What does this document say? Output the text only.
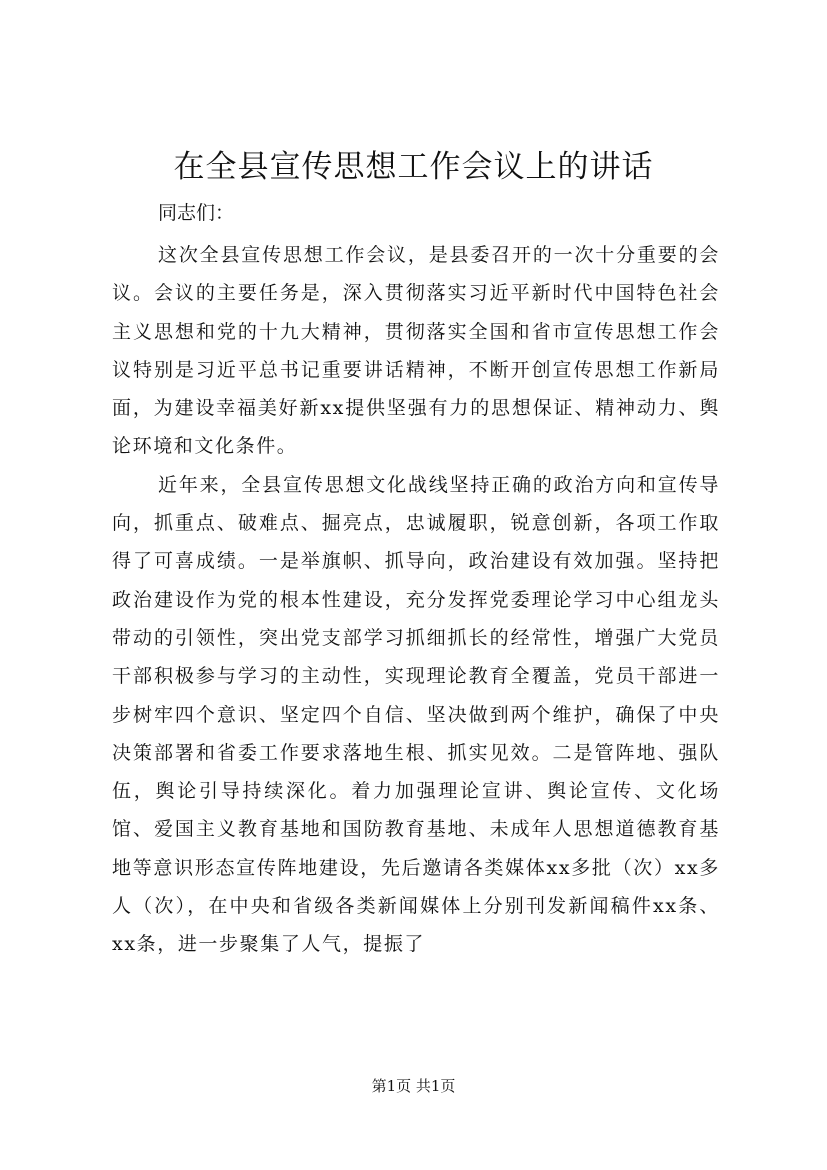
在全县宣传思想工作会议上的讲话

同志们：

这次全县宣传思想工作会议，是县委召开的一次十分重要的会议。会议的主要任务是，深入贯彻落实习近平新时代中国特色社会主义思想和党的十九大精神，贯彻落实全国和省市宣传思想工作会议特别是习近平总书记重要讲话精神，不断开创宣传思想工作新局面，为建设幸福美好新xx提供坚强有力的思想保证、精神动力、舆论环境和文化条件。

近年来，全县宣传思想文化战线坚持正确的政治方向和宣传导向，抓重点、破难点、掘亮点，忠诚履职，锐意创新，各项工作取得了可喜成绩。一是举旗帜、抓导向，政治建设有效加强。坚持把政治建设作为党的根本性建设，充分发挥党委理论学习中心组龙头带动的引领性，突出党支部学习抓细抓长的经常性，增强广大党员干部积极参与学习的主动性，实现理论教育全覆盖，党员干部进一步树牢四个意识、坚定四个自信、坚决做到两个维护，确保了中央决策部署和省委工作要求落地生根、抓实见效。二是管阵地、强队伍，舆论引导持续深化。着力加强理论宣讲、舆论宣传、文化场馆、爱国主义教育基地和国防教育基地、未成年人思想道德教育基地等意识形态宣传阵地建设，先后邀请各类媒体xx多批（次）xx多人（次），在中央和省级各类新闻媒体上分别刊发新闻稿件xx条、xx条，进一步聚集了人气，提振了

第1页 共1页
